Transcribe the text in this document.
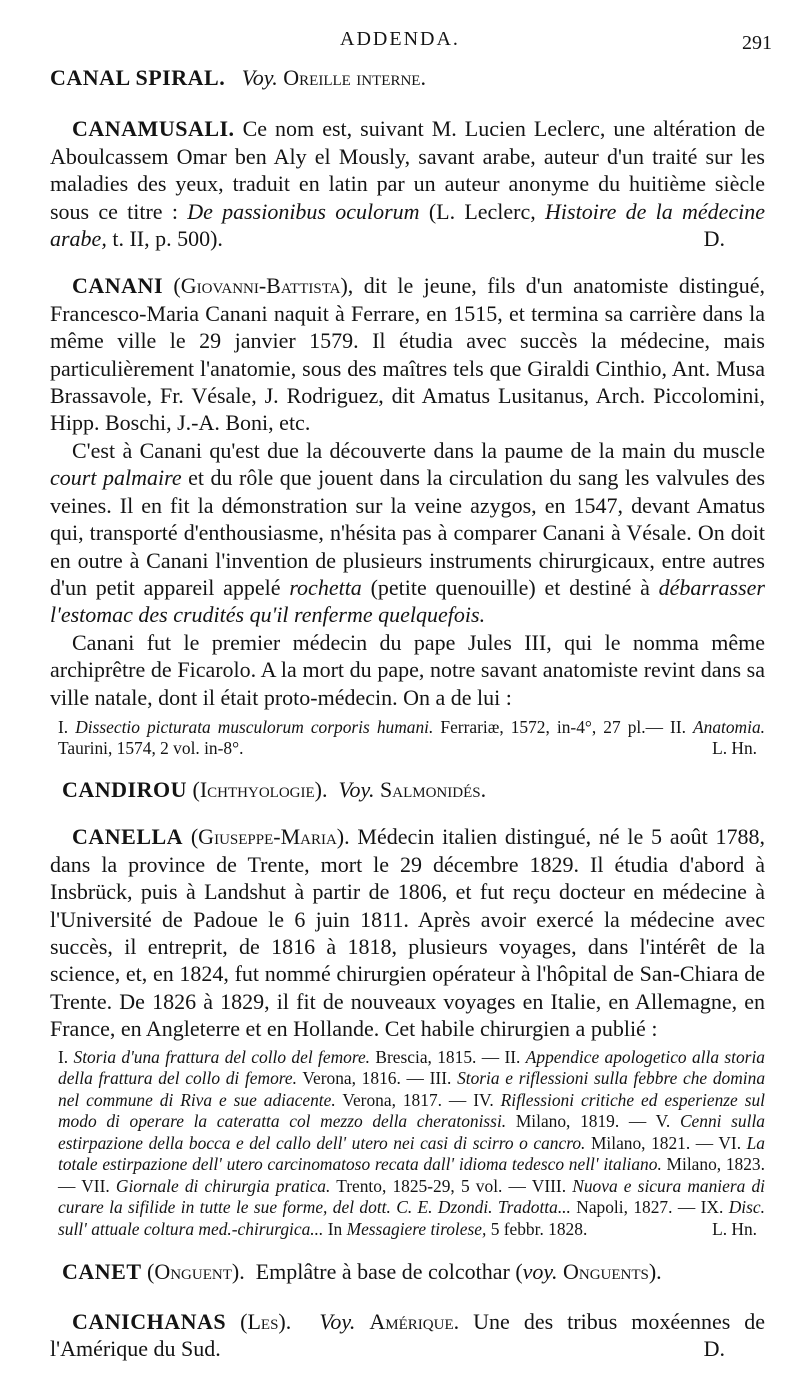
ADDENDA.	291

CANAL SPIRAL. Voy. Oreille interne.

CANAMUSALI. Ce nom est, suivant M. Lucien Leclerc, une altération de Aboulcassem Omar ben Aly el Mously, savant arabe, auteur d'un traité sur les maladies des yeux, traduit en latin par un auteur anonyme du huitième siècle sous ce titre : De passionibus oculorum (L. Leclerc, Histoire de la médecine arabe, t. II, p. 500).	D.

CANANI (Giovanni-Battista), dit le jeune, fils d'un anatomiste distingué, Francesco-Maria Canani naquit à Ferrare, en 1515, et termina sa carrière dans la même ville le 29 janvier 1579. Il étudia avec succès la médecine, mais particulièrement l'anatomie, sous des maîtres tels que Giraldi Cinthio, Ant. Musa Brassavole, Fr. Vésale, J. Rodriguez, dit Amatus Lusitanus, Arch. Piccolomini, Hipp. Boschi, J.-A. Boni, etc.

C'est à Canani qu'est due la découverte dans la paume de la main du muscle court palmaire et du rôle que jouent dans la circulation du sang les valvules des veines. Il en fit la démonstration sur la veine azygos, en 1547, devant Amatus qui, transporté d'enthousiasme, n'hésita pas à comparer Canani à Vésale. On doit en outre à Canani l'invention de plusieurs instruments chirurgicaux, entre autres d'un petit appareil appelé rochetta (petite quenouille) et destiné à débarrasser l'estomac des crudités qu'il renferme quelquefois.

Canani fut le premier médecin du pape Jules III, qui le nomma même archiprêtre de Ficarolo. A la mort du pape, notre savant anatomiste revint dans sa ville natale, dont il était proto-médecin. On a de lui :

I. Dissectio picturata musculorum corporis humani. Ferrariæ, 1572, in-4°, 27 pl.— II. Anatomia. Taurini, 1574, 2 vol. in-8°.	L. Hn.

CANDIROU (Ichthyologie). Voy. Salmonidés.

CANELLA (Giuseppe-Maria). Médecin italien distingué, né le 5 août 1788, dans la province de Trente, mort le 29 décembre 1829. Il étudia d'abord à Insbrück, puis à Landshut à partir de 1806, et fut reçu docteur en médecine à l'Université de Padoue le 6 juin 1811. Après avoir exercé la médecine avec succès, il entreprit, de 1816 à 1818, plusieurs voyages, dans l'intérêt de la science, et, en 1824, fut nommé chirurgien opérateur à l'hôpital de San-Chiara de Trente. De 1826 à 1829, il fit de nouveaux voyages en Italie, en Allemagne, en France, en Angleterre et en Hollande. Cet habile chirurgien a publié :

I. Storia d'una frattura del collo del femore. Brescia, 1815. — II. Appendice apologetico alla storia della frattura del collo di femore. Verona, 1816. — III. Storia e riflessioni sulla febbre che domina nel commune di Riva e sue adiacente. Verona, 1817. — IV. Riflessioni critiche ed esperienze sul modo di operare la cateratta col mezzo della cheratonissi. Milano, 1819. — V. Cenni sulla estirpazione della bocca e del callo dell' utero nei casi di scirro o cancro. Milano, 1821. — VI. La totale estirpazione dell' utero carcinomatoso recata dall' idioma tedesco nell' italiano. Milano, 1823. — VII. Giornale di chirurgia pratica. Trento, 1825-29, 5 vol. — VIII. Nuova e sicura maniera di curare la sifilide in tutte le sue forme, del dott. C. E. Dzondi. Tradotta... Napoli, 1827. — IX. Disc. sull' attuale coltura med.-chirurgica... In Messagiere tirolese, 5 febbr. 1828.	L. Hn.

CANET (Onguent). Emplâtre à base de colcothar (voy. Onguents).

CANICHANAS (Les). Voy. Amérique. Une des tribus moxéennes de l'Amérique du Sud.	D.
